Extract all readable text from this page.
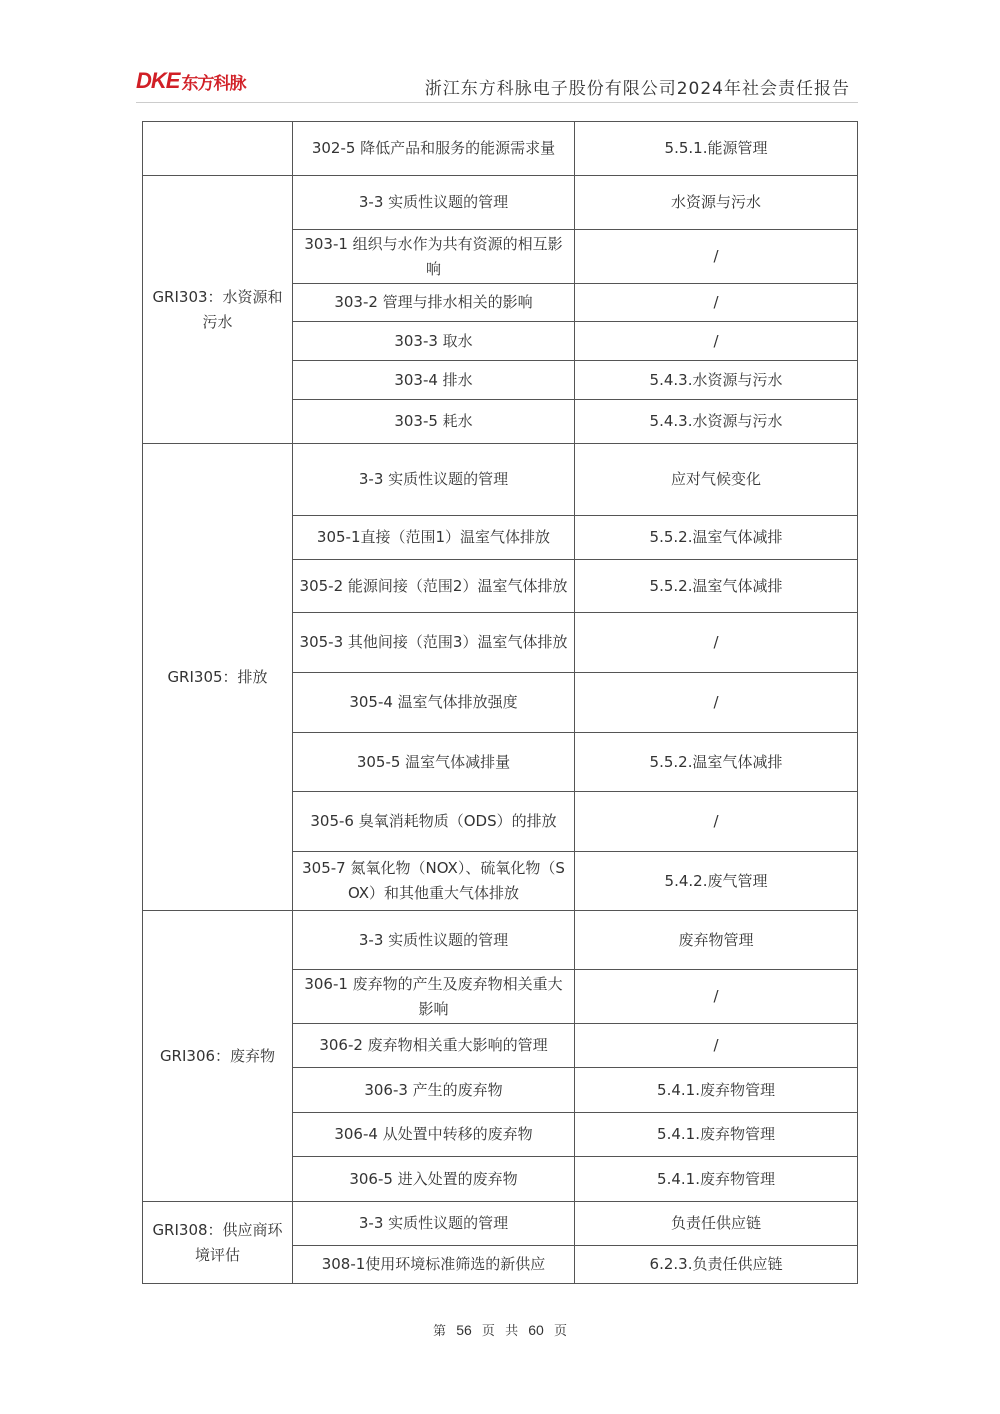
DKE 东方科脉	浙江东方科脉电子股份有限公司2024年社会责任报告
	302-5 降低产品和服务的能源需求量	5.5.1.能源管理
GRI303：水资源和污水	3-3 实质性议题的管理	水资源与污水
	303-1 组织与水作为共有资源的相互影响	/
	303-2 管理与排水相关的影响	/
	303-3 取水	/
	303-4 排水	5.4.3.水资源与污水
	303-5 耗水	5.4.3.水资源与污水
GRI305：排放	3-3 实质性议题的管理	应对气候变化
	305-1直接（范围1）温室气体排放	5.5.2.温室气体减排
	305-2 能源间接（范围2）温室气体排放	5.5.2.温室气体减排
	305-3 其他间接（范围3）温室气体排放	/
	305-4 温室气体排放强度	/
	305-5 温室气体减排量	5.5.2.温室气体减排
	305-6 臭氧消耗物质（ODS）的排放	/
	305-7 氮氧化物（NOX）、硫氧化物（SOX）和其他重大气体排放	5.4.2.废气管理
GRI306：废弃物	3-3 实质性议题的管理	废弃物管理
	306-1 废弃物的产生及废弃物相关重大影响	/
	306-2 废弃物相关重大影响的管理	/
	306-3 产生的废弃物	5.4.1.废弃物管理
	306-4 从处置中转移的废弃物	5.4.1.废弃物管理
	306-5 进入处置的废弃物	5.4.1.废弃物管理
GRI308：供应商环境评估	3-3 实质性议题的管理	负责任供应链
	308-1使用环境标准筛选的新供应	6.2.3.负责任供应链
第 56 页 共 60 页
